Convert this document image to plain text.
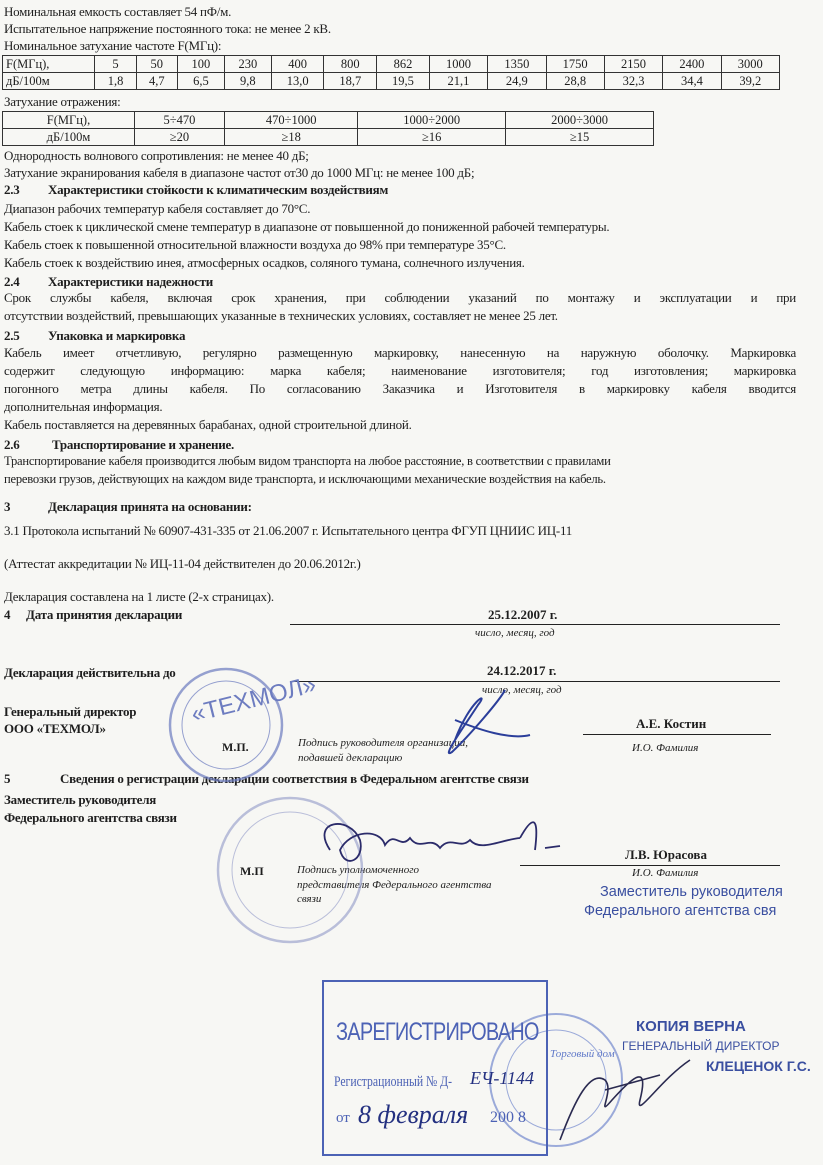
Номинальная емкость составляет 54 пФ/м.
Испытательное напряжение постоянного тока: не менее 2 кВ.
Номинальное затухание частоте F(МГц):
F(МГц),	5	50	100	230	400	800	862	1000	1350	1750	2150	2400	3000
дБ/100м	1,8	4,7	6,5	9,8	13,0	18,7	19,5	21,1	24,9	28,8	32,3	34,4	39,2
Затухание отражения:
F(МГц),	5÷470	470÷1000	1000÷2000	2000÷3000
дБ/100м	≥20	≥18	≥16	≥15
Однородность волнового сопротивления: не менее 40 дБ;
Затухание экранирования кабеля в диапазоне частот от30 до 1000 МГц: не менее 100 дБ;
2.3 Характеристики стойкости к климатическим воздействиям
Диапазон рабочих температур кабеля составляет до 70°С.
Кабель стоек к циклической смене температур в диапазоне от повышенной до пониженной рабочей температуры.
Кабель стоек к повышенной относительной влажности воздуха до 98% при температуре 35°С.
Кабель стоек к воздействию инея, атмосферных осадков, соляного тумана, солнечного излучения.
2.4 Характеристики надежности
Срок службы кабеля, включая срок хранения, при соблюдении указаний по монтажу и эксплуатации и при
отсутствии воздействий, превышающих указанные в технических условиях, составляет не менее 25 лет.
2.5 Упаковка и маркировка
Кабель имеет отчетливую, регулярно размещенную маркировку, нанесенную на наружную оболочку. Маркировка
содержит следующую информацию: марка кабеля; наименование изготовителя; год изготовления; маркировка
погонного метра длины кабеля. По согласованию Заказчика и Изготовителя в маркировку кабеля вводится
дополнительная информация.
Кабель поставляется на деревянных барабанах, одной строительной длиной.
2.6	Транспортирование и хранение.
Транспортирование кабеля производится любым видом транспорта на любое расстояние, в соответствии с правилами
перевозки грузов, действующих на каждом виде транспорта, и исключающими механические воздействия на кабель.
3	Декларация принята на основании:
3.1 Протокола испытаний № 60907-431-335 от 21.06.2007 г. Испытательного центра ФГУП ЦНИИС ИЦ-11
(Аттестат аккредитации № ИЦ-11-04 действителен до 20.06.2012г.)
Декларация составлена на 1 листе (2-х страницах).
4 Дата принятия декларации	25.12.2007 г.
число, месяц, год
Декларация действительна до	24.12.2017 г.
число, месяц, год
Генеральный директор
ООО «ТЕХМОЛ»
М.П.	Подпись руководителя организации,
подавшей декларацию
А.Е. Костин
И.О. Фамилия
5	Сведения о регистрации декларации соответствия в Федеральном агентстве связи
Заместитель руководителя
Федерального агентства связи
Л.В. Юрасова
М.П	Подпись уполномоченного
представителя Федерального агентства
связи
И.О. Фамилия
Заместитель руководителя
Федерального агентства свя
«ТЕХМОЛ»
Торговый дом
ЗАРЕГИСТРИРОВАНО
Регистрационный № Д- ЕЧ-1144
от 8 февраля 200 8
КОПИЯ ВЕРНА
ГЕНЕРАЛЬНЫЙ ДИРЕКТОР
КЛЕЦЕНОК Г.С.
